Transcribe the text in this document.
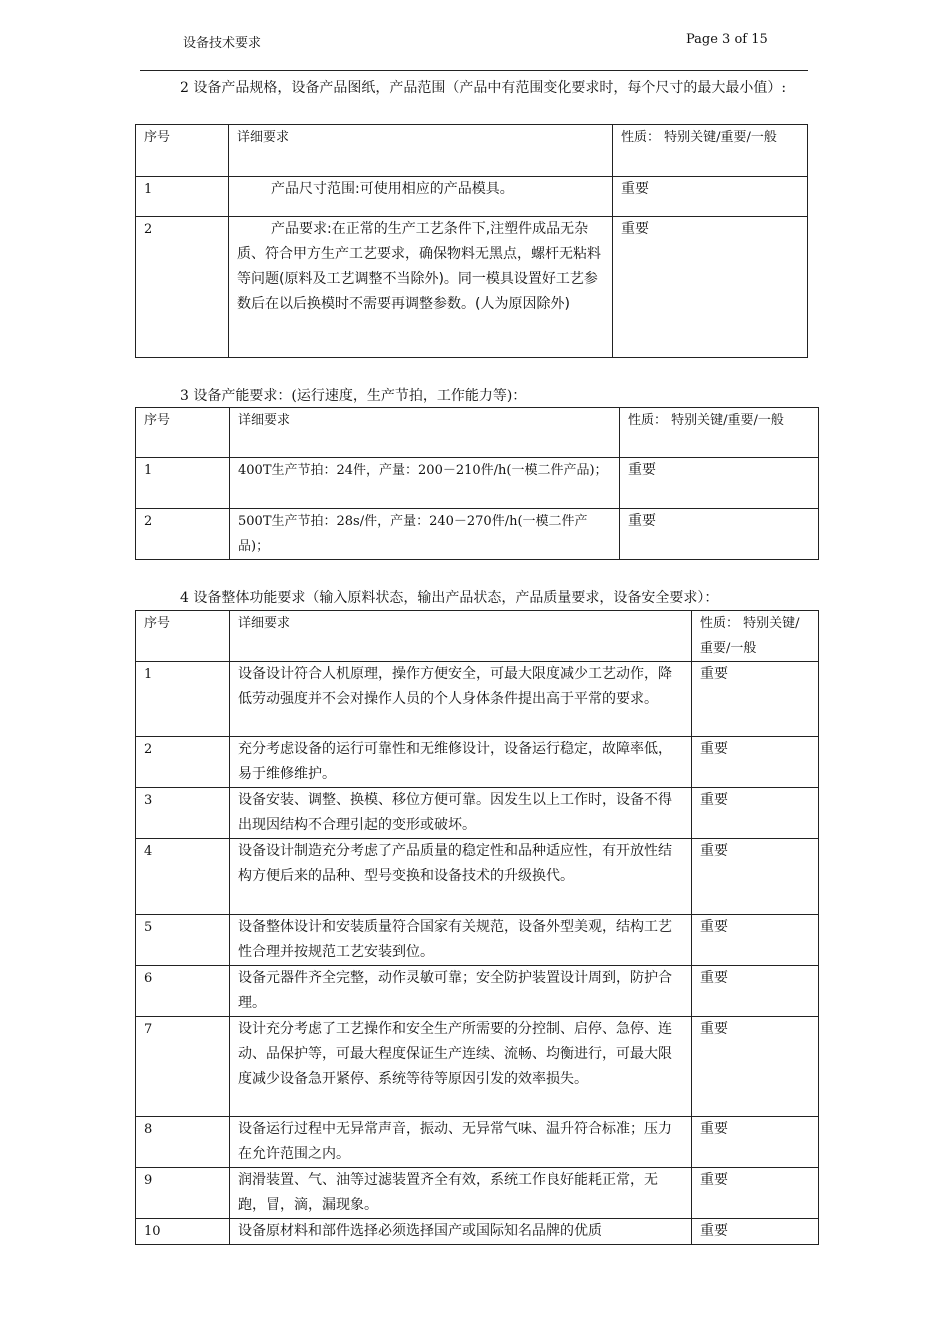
设备技术要求	Page 3 of 15
2 设备产品规格，设备产品图纸，产品范围（产品中有范围变化要求时，每个尺寸的最大最小值）:
序号	详细要求	性质： 特别关键/重要/一般
1	产品尺寸范围:可使用相应的产品模具。	重要
2	产品要求:在正常的生产工艺条件下,注塑件成品无杂质、符合甲方生产工艺要求，确保物料无黑点，螺杆无粘料等问题(原料及工艺调整不当除外)。同一模具设置好工艺参数后在以后换模时不需要再调整参数。(人为原因除外)	重要
3 设备产能要求：(运行速度，生产节拍，工作能力等)：
序号	详细要求	性质： 特别关键/重要/一般
1	400T生产节拍：24件，产量：200－210件/h(一模二件产品)；	重要
2	500T生产节拍：28s/件，产量：240－270件/h(一模二件产品)；	重要
4 设备整体功能要求（输入原料状态，输出产品状态，产品质量要求，设备安全要求）：
序号	详细要求	性质： 特别关键/重要/一般
1	设备设计符合人机原理，操作方便安全，可最大限度减少工艺动作，降低劳动强度并不会对操作人员的个人身体条件提出高于平常的要求。	重要
2	充分考虑设备的运行可靠性和无维修设计，设备运行稳定，故障率低，易于维修维护。	重要
3	设备安装、调整、换模、移位方便可靠。因发生以上工作时，设备不得出现因结构不合理引起的变形或破坏。	重要
4	设备设计制造充分考虑了产品质量的稳定性和品种适应性，有开放性结构方便后来的品种、型号变换和设备技术的升级换代。	重要
5	设备整体设计和安装质量符合国家有关规范，设备外型美观，结构工艺性合理并按规范工艺安装到位。	重要
6	设备元器件齐全完整，动作灵敏可靠；安全防护装置设计周到，防护合理。	重要
7	设计充分考虑了工艺操作和安全生产所需要的分控制、启停、急停、连动、品保护等，可最大程度保证生产连续、流畅、均衡进行，可最大限度减少设备急开紧停、系统等待等原因引发的效率损失。	重要
8	设备运行过程中无异常声音，振动、无异常气味、温升符合标准；压力在允许范围之内。	重要
9	润滑装置、气、油等过滤装置齐全有效，系统工作良好能耗正常，无跑，冒，滴，漏现象。	重要
10	设备原材料和部件选择必须选择国产或国际知名品牌的优质	重要
